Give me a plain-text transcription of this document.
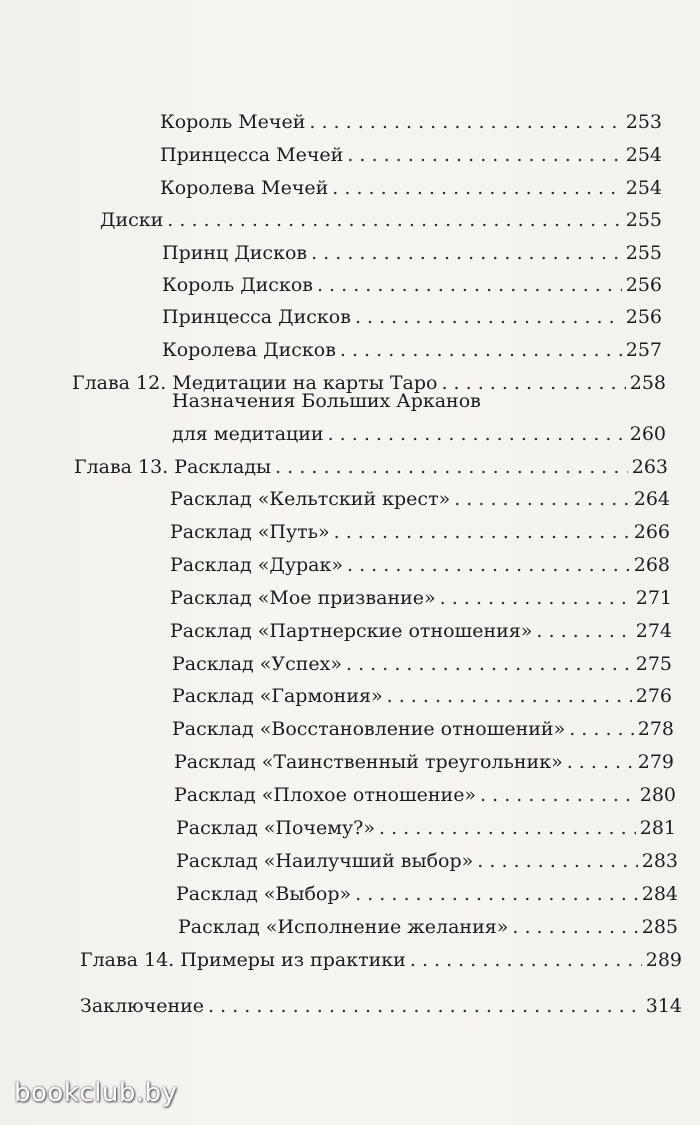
Король Мечей . . .	253
Принцесса Мечей . . .	254
Королева Мечей . . .	254
Диски . . .	255
Принц Дисков . . .	255
Король Дисков . . .	256
Принцесса Дисков . . .	256
Королева Дисков . . .	257
Глава 12. Медитации на карты Таро . . .	258
Назначения Больших Арканов
для медитации . . .	260
Глава 13. Расклады . . .	263
Расклад «Кельтский крест» . . .	264
Расклад «Путь» . . .	266
Расклад «Дурак» . . .	268
Расклад «Мое призвание» . . .	271
Расклад «Партнерские отношения» . . .	274
Расклад «Успех» . . .	275
Расклад «Гармония» . . .	276
Расклад «Восстановление отношений» . . .	278
Расклад «Таинственный треугольник» . . .	279
Расклад «Плохое отношение» . . .	280
Расклад «Почему?» . . .	281
Расклад «Наилучший выбор» . . .	283
Расклад «Выбор» . . .	284
Расклад «Исполнение желания» . . .	285
Глава 14. Примеры из практики . . .	289
Заключение . . .	314
bookclub.by
